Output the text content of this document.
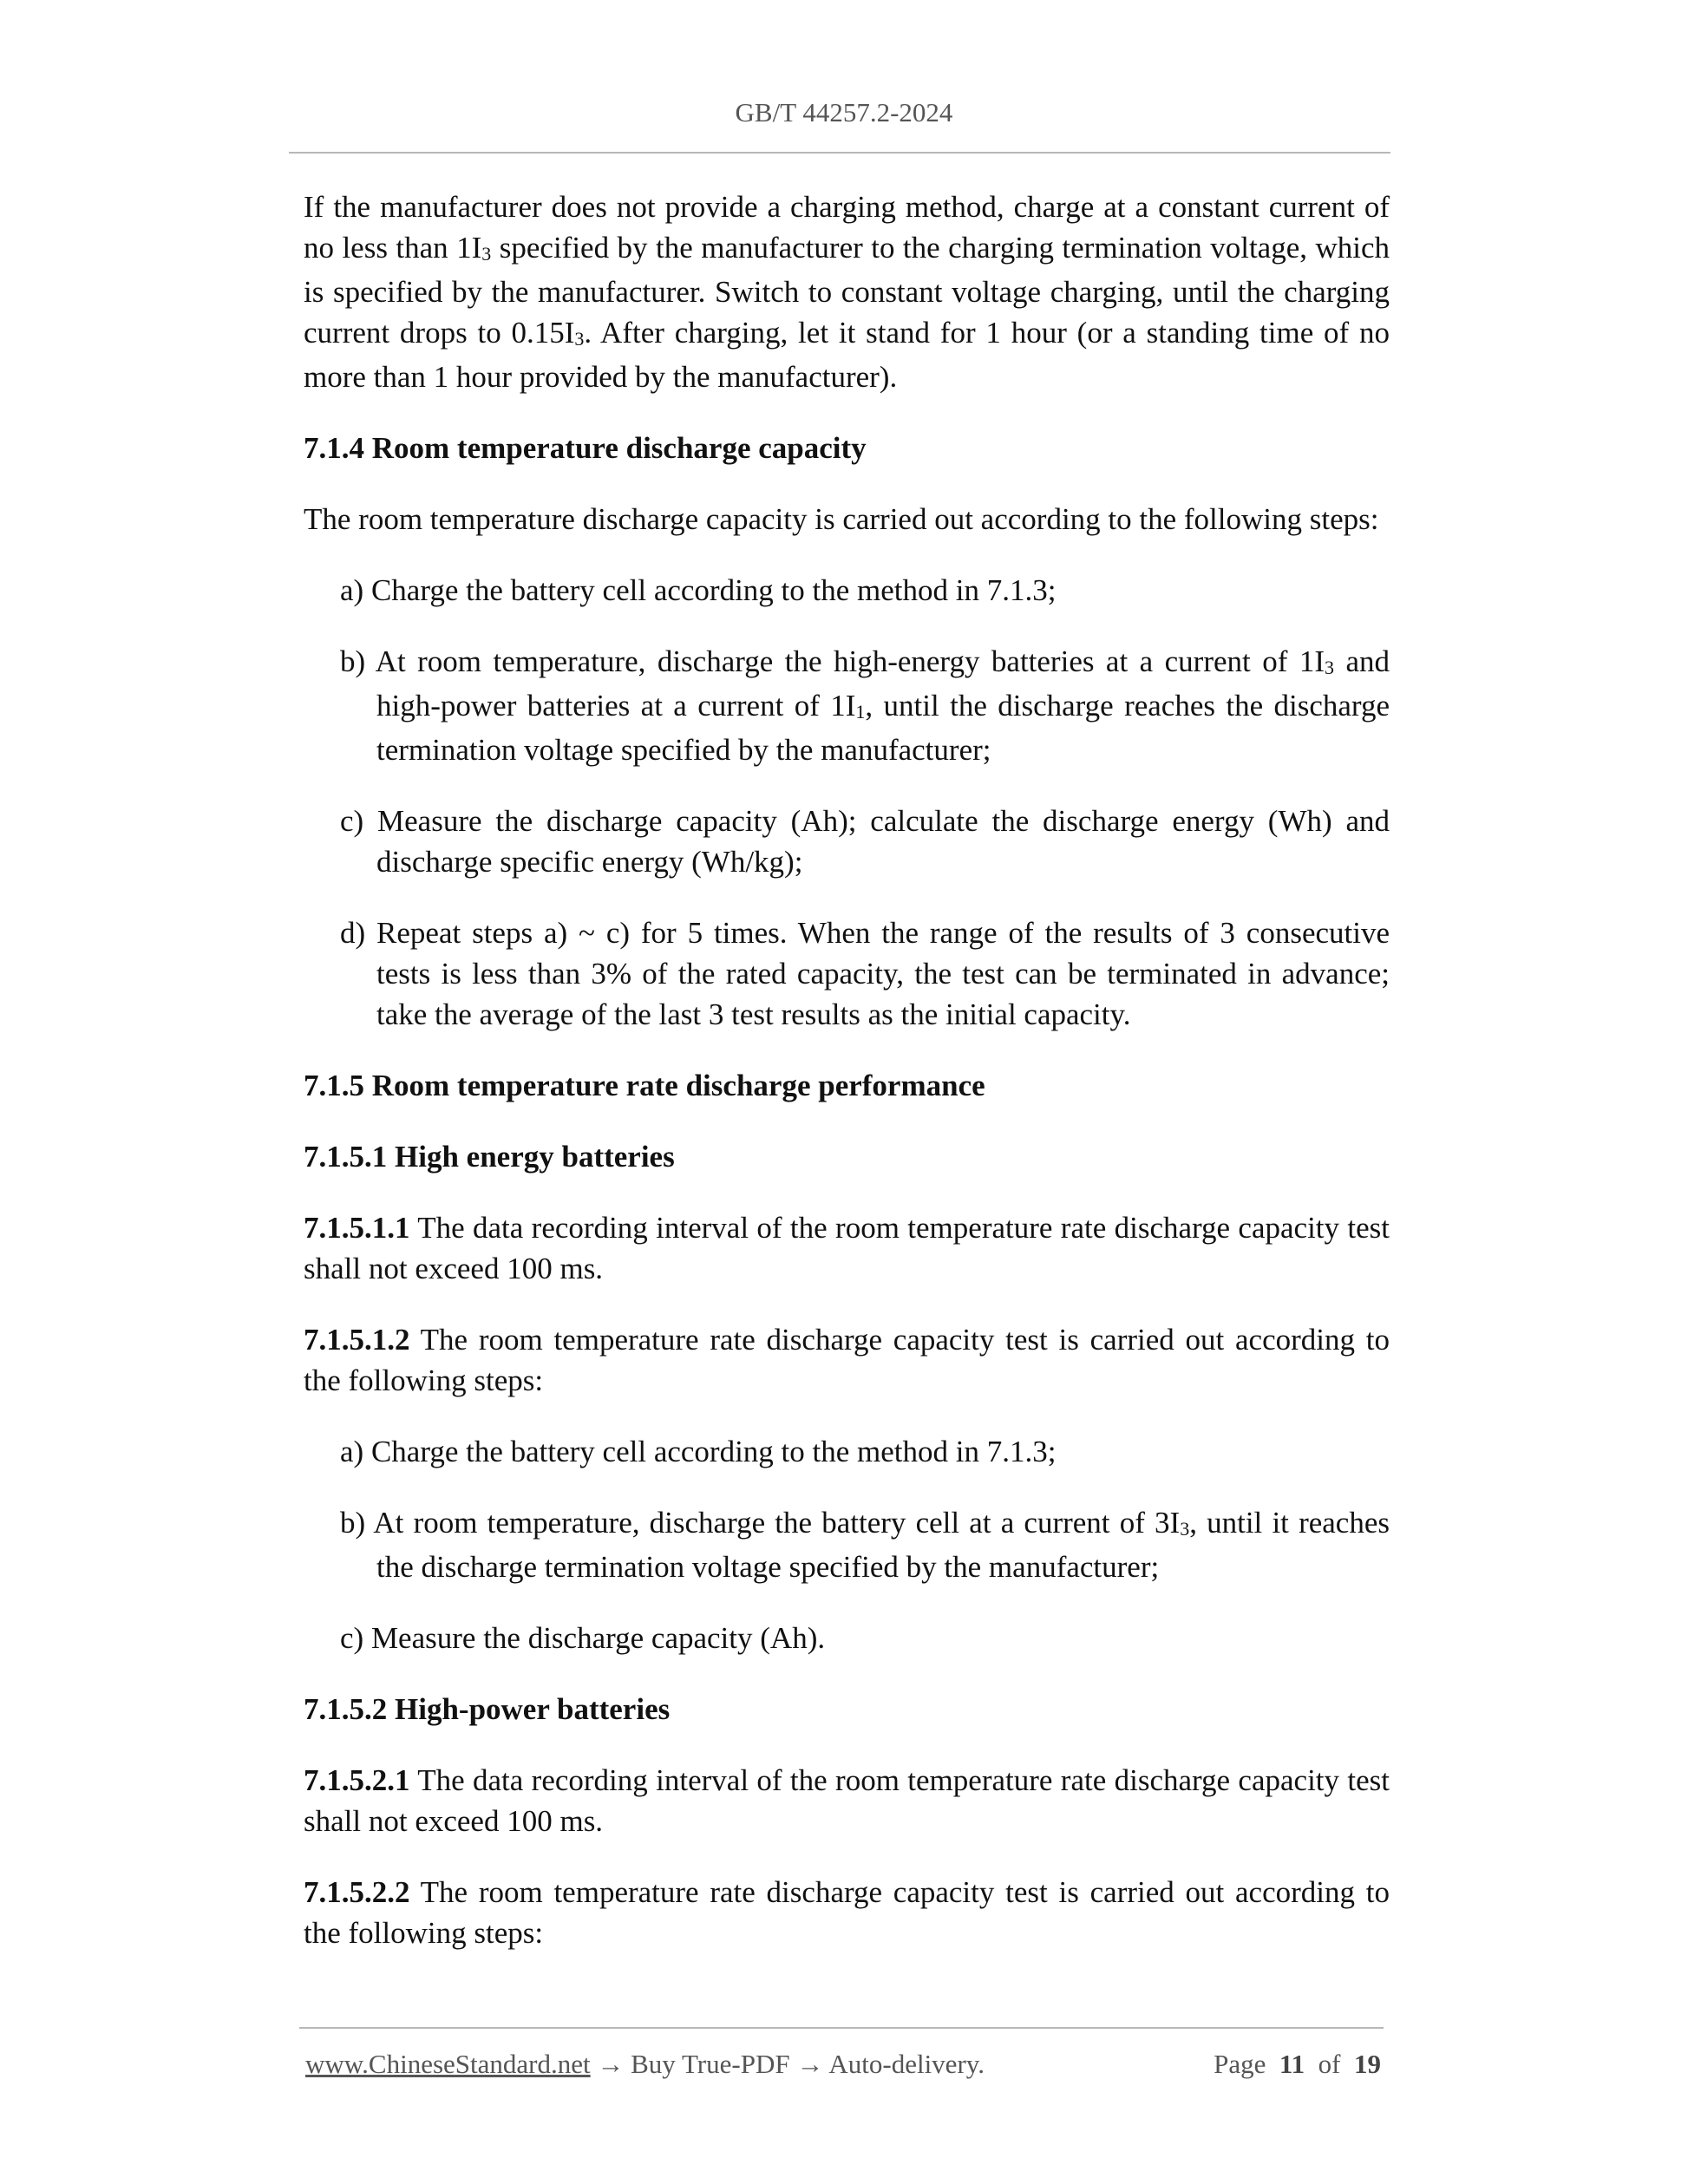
GB/T 44257.2-2024

If the manufacturer does not provide a charging method, charge at a constant current of no less than $1I_3$ specified by the manufacturer to the charging termination voltage, which is specified by the manufacturer. Switch to constant voltage charging, until the charging current drops to $0.15I_3$. After charging, let it stand for 1 hour (or a standing time of no more than 1 hour provided by the manufacturer).

7.1.4 Room temperature discharge capacity

The room temperature discharge capacity is carried out according to the following steps:

a) Charge the battery cell according to the method in 7.1.3;

b) At room temperature, discharge the high-energy batteries at a current of $1I_3$ and high-power batteries at a current of $1I_1$, until the discharge reaches the discharge termination voltage specified by the manufacturer;

c) Measure the discharge capacity (Ah); calculate the discharge energy (Wh) and discharge specific energy (Wh/kg);

d) Repeat steps a) ~ c) for 5 times. When the range of the results of 3 consecutive tests is less than 3% of the rated capacity, the test can be terminated in advance; take the average of the last 3 test results as the initial capacity.

7.1.5 Room temperature rate discharge performance

7.1.5.1 High energy batteries

7.1.5.1.1 The data recording interval of the room temperature rate discharge capacity test shall not exceed 100 ms.

7.1.5.1.2 The room temperature rate discharge capacity test is carried out according to the following steps:

a) Charge the battery cell according to the method in 7.1.3;

b) At room temperature, discharge the battery cell at a current of $3I_3$, until it reaches the discharge termination voltage specified by the manufacturer;

c) Measure the discharge capacity (Ah).

7.1.5.2 High-power batteries

7.1.5.2.1 The data recording interval of the room temperature rate discharge capacity test shall not exceed 100 ms.

7.1.5.2.2 The room temperature rate discharge capacity test is carried out according to the following steps:

www.ChineseStandard.net → Buy True-PDF → Auto-delivery.	Page 11 of 19
